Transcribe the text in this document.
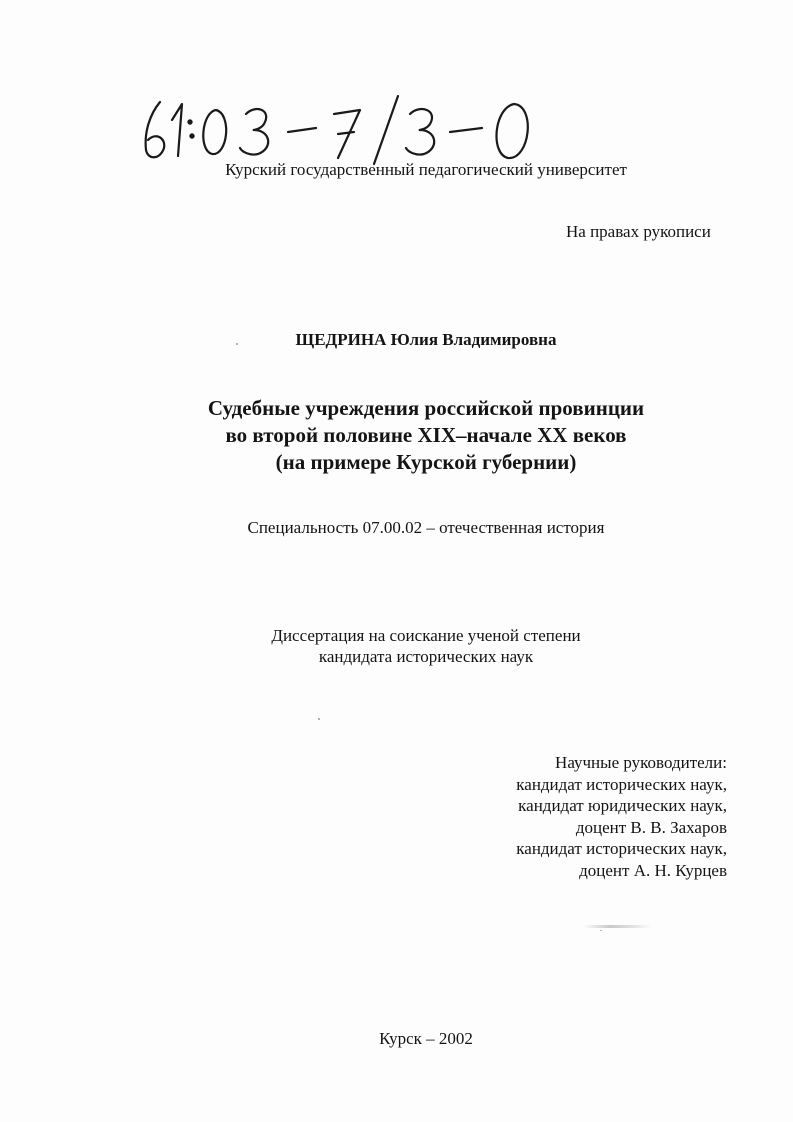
Курский государственный педагогический университет
На правах рукописи
ЩЕДРИНА Юлия Владимировна
Судебные учреждения российской провинции
во второй половине XIX–начале XX веков
(на примере Курской губернии)
Специальность 07.00.02 – отечественная история
Диссертация на соискание ученой степени
кандидата исторических наук
Научные руководители:
кандидат исторических наук,
кандидат юридических наук,
доцент В. В. Захаров
кандидат исторических наук,
доцент А. Н. Курцев
Курск – 2002
